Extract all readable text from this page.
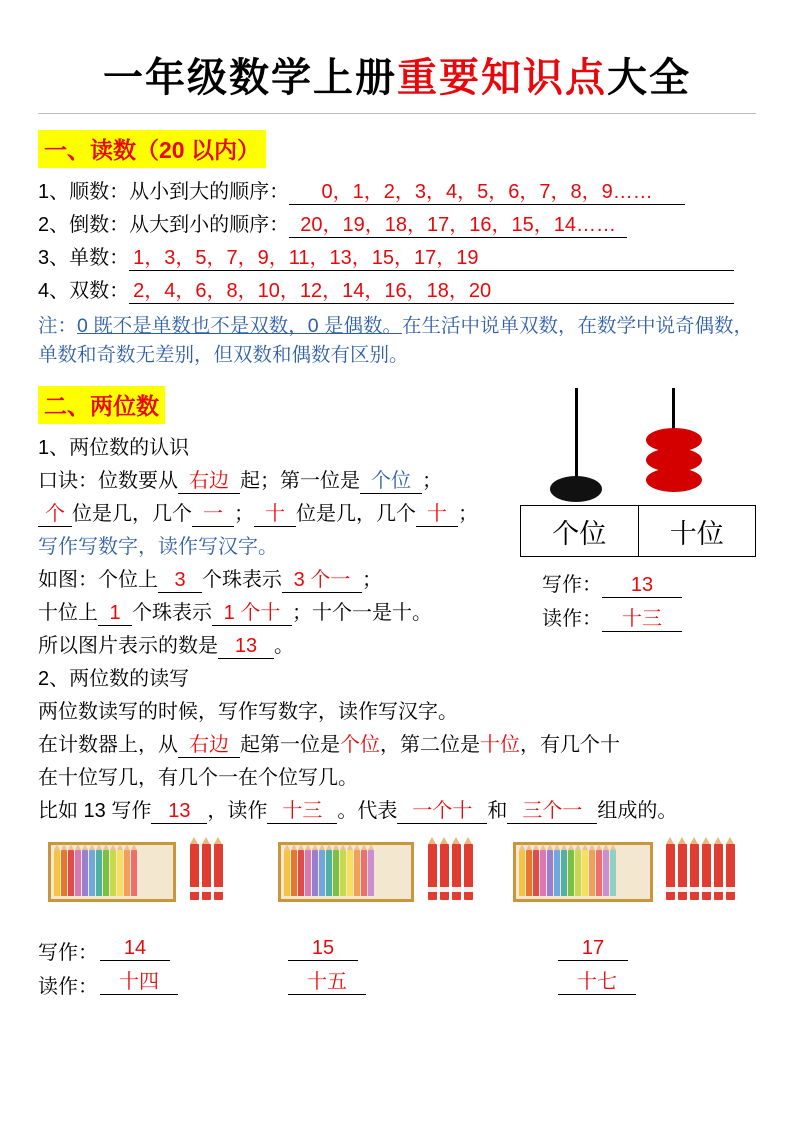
一年级数学上册重要知识点大全
一、读数（20 以内）
1、顺数：从小到大的顺序： 0，1，2，3，4，5，6，7，8，9……
2、倒数：从大到小的顺序： 20，19，18，17，16，15，14……
3、单数： 1，3，5，7，9，11，13，15，17，19
4、双数： 2，4，6，8，10，12，14，16，18，20
注：0 既不是单数也不是双数，0 是偶数。在生活中说单双数，在数学中说奇偶数，单数和奇数无差别，但双数和偶数有区别。
二、两位数
个位	十位
写作： 13
读作： 十三
1、两位数的认识
口诀：位数要从 右边 起；第一位是 个位 ；
个 位是几，几个 一 ； 十 位是几，几个 十 ；
写作写数字，读作写汉字。
如图：个位上 3 个珠表示 3 个一 ；
十位上 1 个珠表示 1 个十 ；十个一是十。
所以图片表示的数是 13 。
2、两位数的读写
两位数读写的时候，写作写数字，读作写汉字。
在计数器上，从 右边 起第一位是个位，第二位是十位，有几个十
在十位写几，有几个一在个位写几。
比如 13 写作 13 ，读作 十三 。代表 一个十 和 三个一 组成的。
写作：	14	15	17
读作：	十四	十五	十七
